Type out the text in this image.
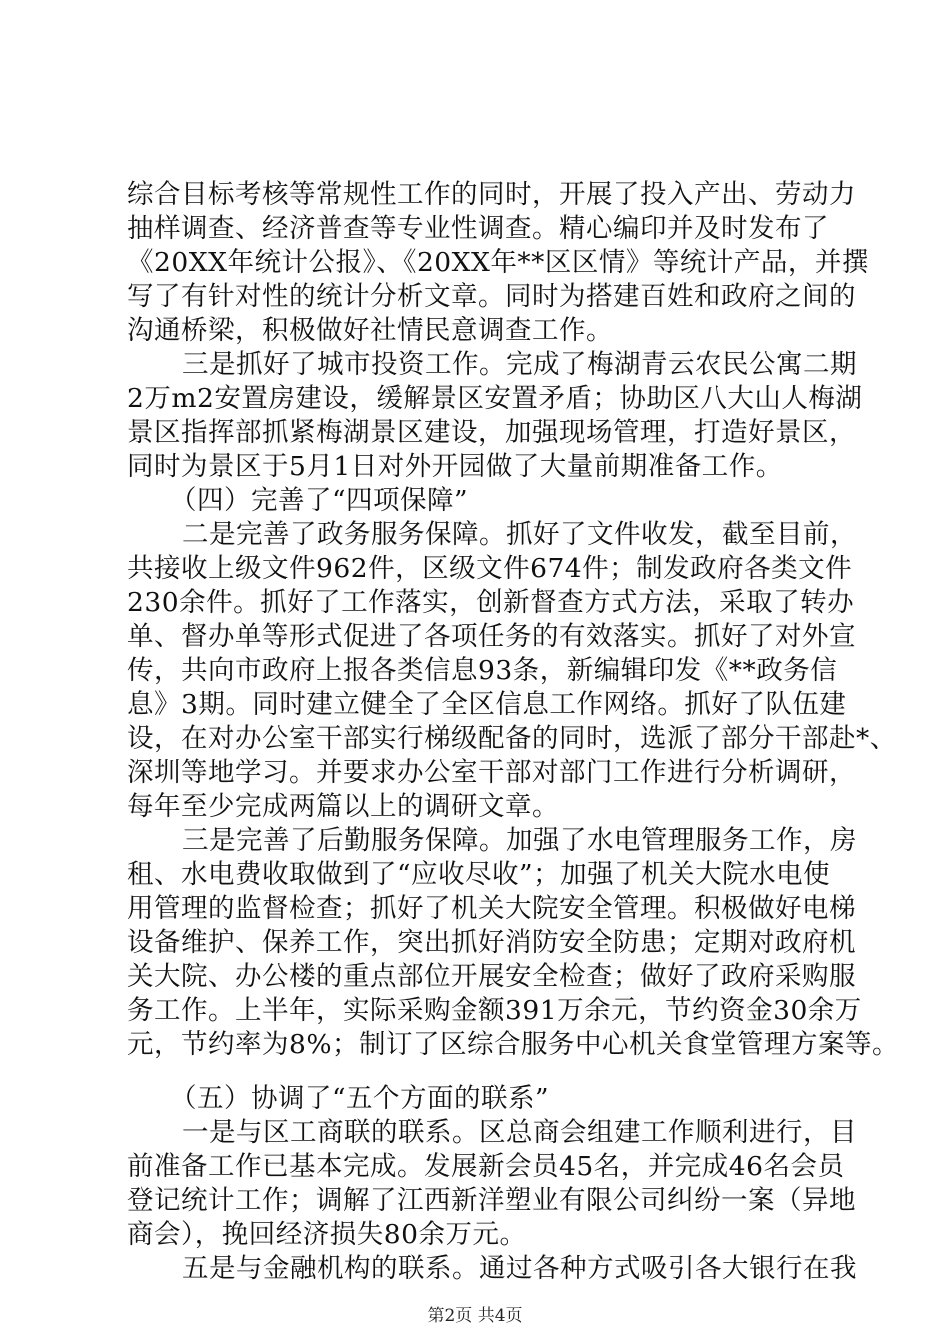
综合目标考核等常规性工作的同时，开展了投入产出、劳动力
抽样调查、经济普查等专业性调查。精心编印并及时发布了
《20XX年统计公报》、《20XX年**区区情》等统计产品，并撰
写了有针对性的统计分析文章。同时为搭建百姓和政府之间的
沟通桥梁，积极做好社情民意调查工作。
三是抓好了城市投资工作。完成了梅湖青云农民公寓二期
2万m2安置房建设，缓解景区安置矛盾；协助区八大山人梅湖
景区指挥部抓紧梅湖景区建设，加强现场管理，打造好景区，
同时为景区于5月1日对外开园做了大量前期准备工作。
（四）完善了“四项保障”
二是完善了政务服务保障。抓好了文件收发，截至目前，
共接收上级文件962件，区级文件674件；制发政府各类文件
230余件。抓好了工作落实，创新督查方式方法，采取了转办
单、督办单等形式促进了各项任务的有效落实。抓好了对外宣
传，共向市政府上报各类信息93条，新编辑印发《**政务信
息》3期。同时建立健全了全区信息工作网络。抓好了队伍建
设，在对办公室干部实行梯级配备的同时，选派了部分干部赴*、
深圳等地学习。并要求办公室干部对部门工作进行分析调研，
每年至少完成两篇以上的调研文章。
三是完善了后勤服务保障。加强了水电管理服务工作，房
租、水电费收取做到了“应收尽收”；加强了机关大院水电使
用管理的监督检查；抓好了机关大院安全管理。积极做好电梯
设备维护、保养工作，突出抓好消防安全防患；定期对政府机
关大院、办公楼的重点部位开展安全检查；做好了政府采购服
务工作。上半年，实际采购金额391万余元，节约资金30余万
元，节约率为8%；制订了区综合服务中心机关食堂管理方案等。
（五）协调了“五个方面的联系”
一是与区工商联的联系。区总商会组建工作顺利进行，目
前准备工作已基本完成。发展新会员45名，并完成46名会员
登记统计工作；调解了江西新洋塑业有限公司纠纷一案（异地
商会），挽回经济损失80余万元。
五是与金融机构的联系。通过各种方式吸引各大银行在我
第2页 共4页
